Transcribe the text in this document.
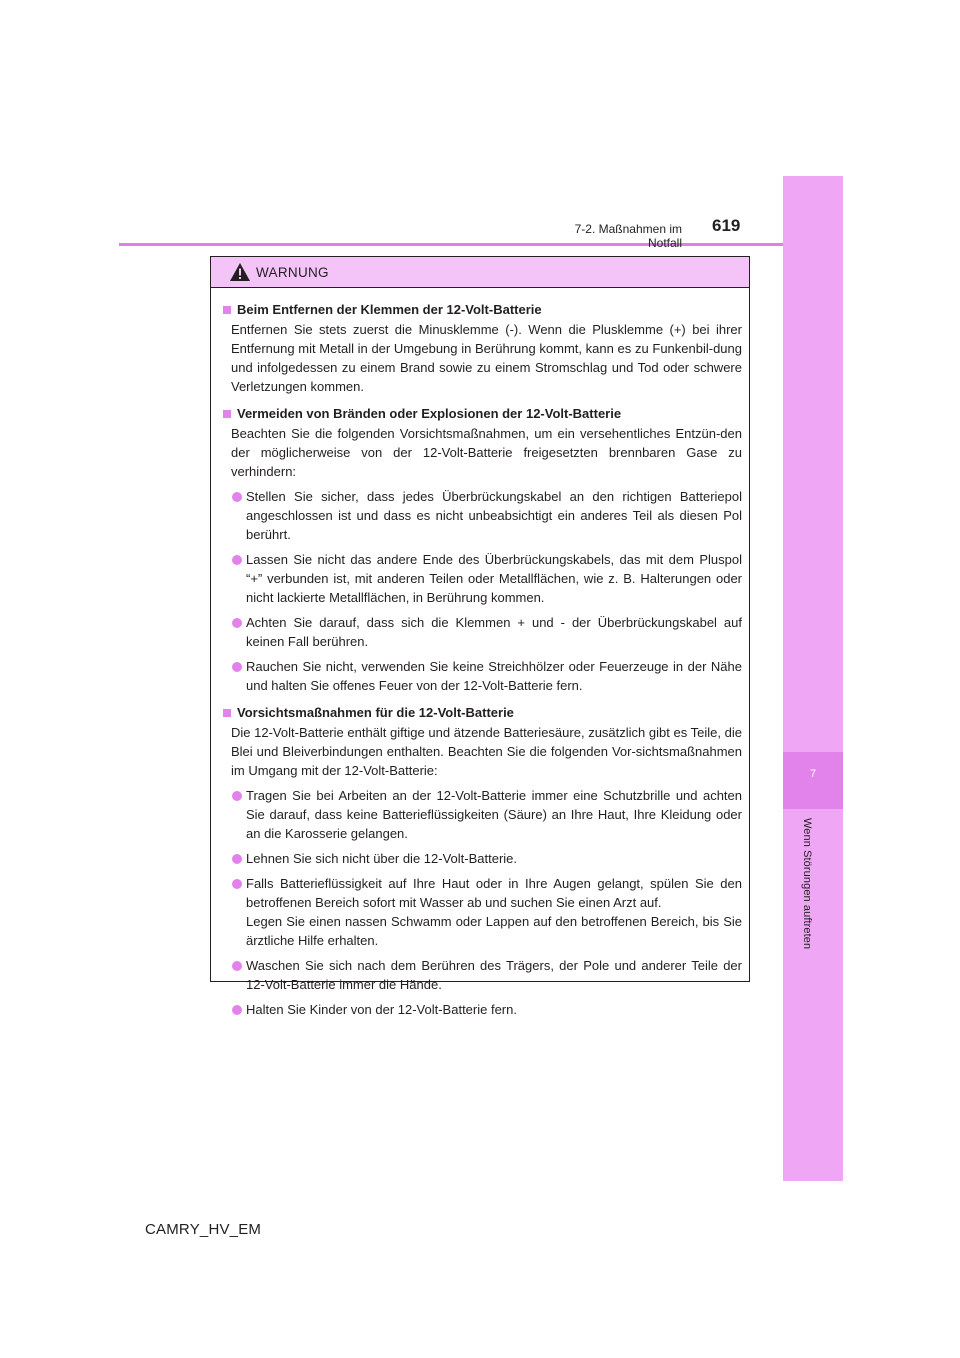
7
Wenn Störungen auftreten
7-2. Maßnahmen im Notfall
619
WARNUNG
Beim Entfernen der Klemmen der 12-Volt-Batterie
Entfernen Sie stets zuerst die Minusklemme (-). Wenn die Plusklemme (+) bei ihrer Entfernung mit Metall in der Umgebung in Berührung kommt, kann es zu Funkenbil-dung und infolgedessen zu einem Brand sowie zu einem Stromschlag und Tod oder schwere Verletzungen kommen.
Vermeiden von Bränden oder Explosionen der 12-Volt-Batterie
Beachten Sie die folgenden Vorsichtsmaßnahmen, um ein versehentliches Entzün-den der möglicherweise von der 12-Volt-Batterie freigesetzten brennbaren Gase zu verhindern:
Stellen Sie sicher, dass jedes Überbrückungskabel an den richtigen Batteriepol angeschlossen ist und dass es nicht unbeabsichtigt ein anderes Teil als diesen Pol berührt.
Lassen Sie nicht das andere Ende des Überbrückungskabels, das mit dem Pluspol “+” verbunden ist, mit anderen Teilen oder Metallflächen, wie z. B. Halterungen oder nicht lackierte Metallflächen, in Berührung kommen.
Achten Sie darauf, dass sich die Klemmen + und - der Überbrückungskabel auf keinen Fall berühren.
Rauchen Sie nicht, verwenden Sie keine Streichhölzer oder Feuerzeuge in der Nähe und halten Sie offenes Feuer von der 12-Volt-Batterie fern.
Vorsichtsmaßnahmen für die 12-Volt-Batterie
Die 12-Volt-Batterie enthält giftige und ätzende Batteriesäure, zusätzlich gibt es Teile, die Blei und Bleiverbindungen enthalten. Beachten Sie die folgenden Vor-sichtsmaßnahmen im Umgang mit der 12-Volt-Batterie:
Tragen Sie bei Arbeiten an der 12-Volt-Batterie immer eine Schutzbrille und achten Sie darauf, dass keine Batterieflüssigkeiten (Säure) an Ihre Haut, Ihre Kleidung oder an die Karosserie gelangen.
Lehnen Sie sich nicht über die 12-Volt-Batterie.
Falls Batterieflüssigkeit auf Ihre Haut oder in Ihre Augen gelangt, spülen Sie den betroffenen Bereich sofort mit Wasser ab und suchen Sie einen Arzt auf.
Legen Sie einen nassen Schwamm oder Lappen auf den betroffenen Bereich, bis Sie ärztliche Hilfe erhalten.
Waschen Sie sich nach dem Berühren des Trägers, der Pole und anderer Teile der 12-Volt-Batterie immer die Hände.
Halten Sie Kinder von der 12-Volt-Batterie fern.
CAMRY_HV_EM
